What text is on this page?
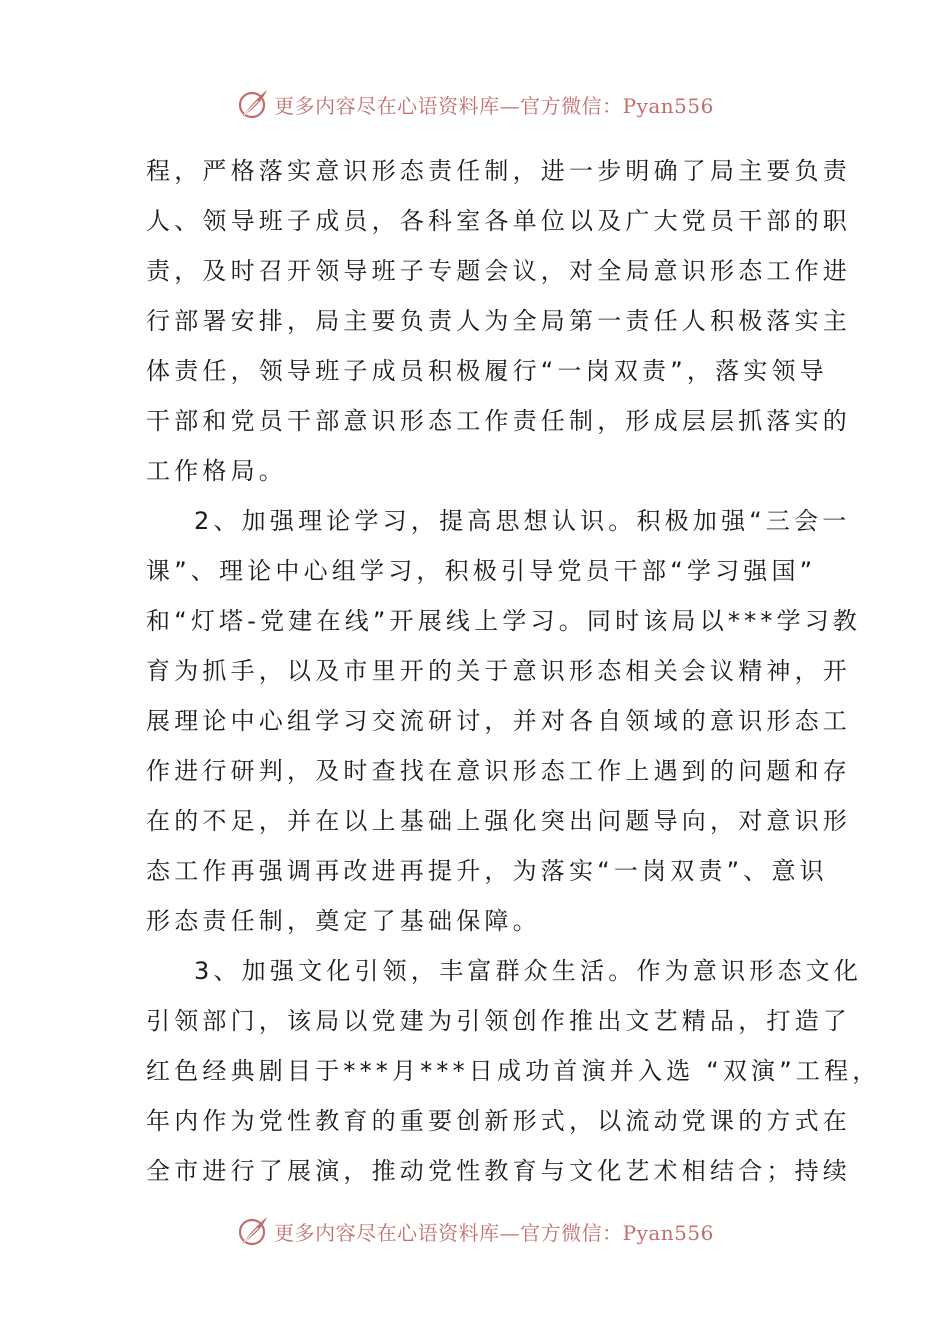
更多内容尽在心语资料库—官方微信：Pyan556
程，严格落实意识形态责任制，进一步明确了局主要负责
人、领导班子成员，各科室各单位以及广大党员干部的职
责，及时召开领导班子专题会议，对全局意识形态工作进
行部署安排，局主要负责人为全局第一责任人积极落实主
体责任，领导班子成员积极履行“一岗双责”，落实领导
干部和党员干部意识形态工作责任制，形成层层抓落实的
工作格局。
2、加强理论学习，提高思想认识。积极加强“三会一
课”、理论中心组学习，积极引导党员干部“学习强国”
和“灯塔-党建在线”开展线上学习。同时该局以***学习教
育为抓手，以及市里开的关于意识形态相关会议精神，开
展理论中心组学习交流研讨，并对各自领域的意识形态工
作进行研判，及时查找在意识形态工作上遇到的问题和存
在的不足，并在以上基础上强化突出问题导向，对意识形
态工作再强调再改进再提升，为落实“一岗双责”、意识
形态责任制，奠定了基础保障。
3、加强文化引领，丰富群众生活。作为意识形态文化
引领部门，该局以党建为引领创作推出文艺精品，打造了
红色经典剧目于***月***日成功首演并入选 “双演”工程，
年内作为党性教育的重要创新形式，以流动党课的方式在
全市进行了展演，推动党性教育与文化艺术相结合；持续
更多内容尽在心语资料库—官方微信：Pyan556
